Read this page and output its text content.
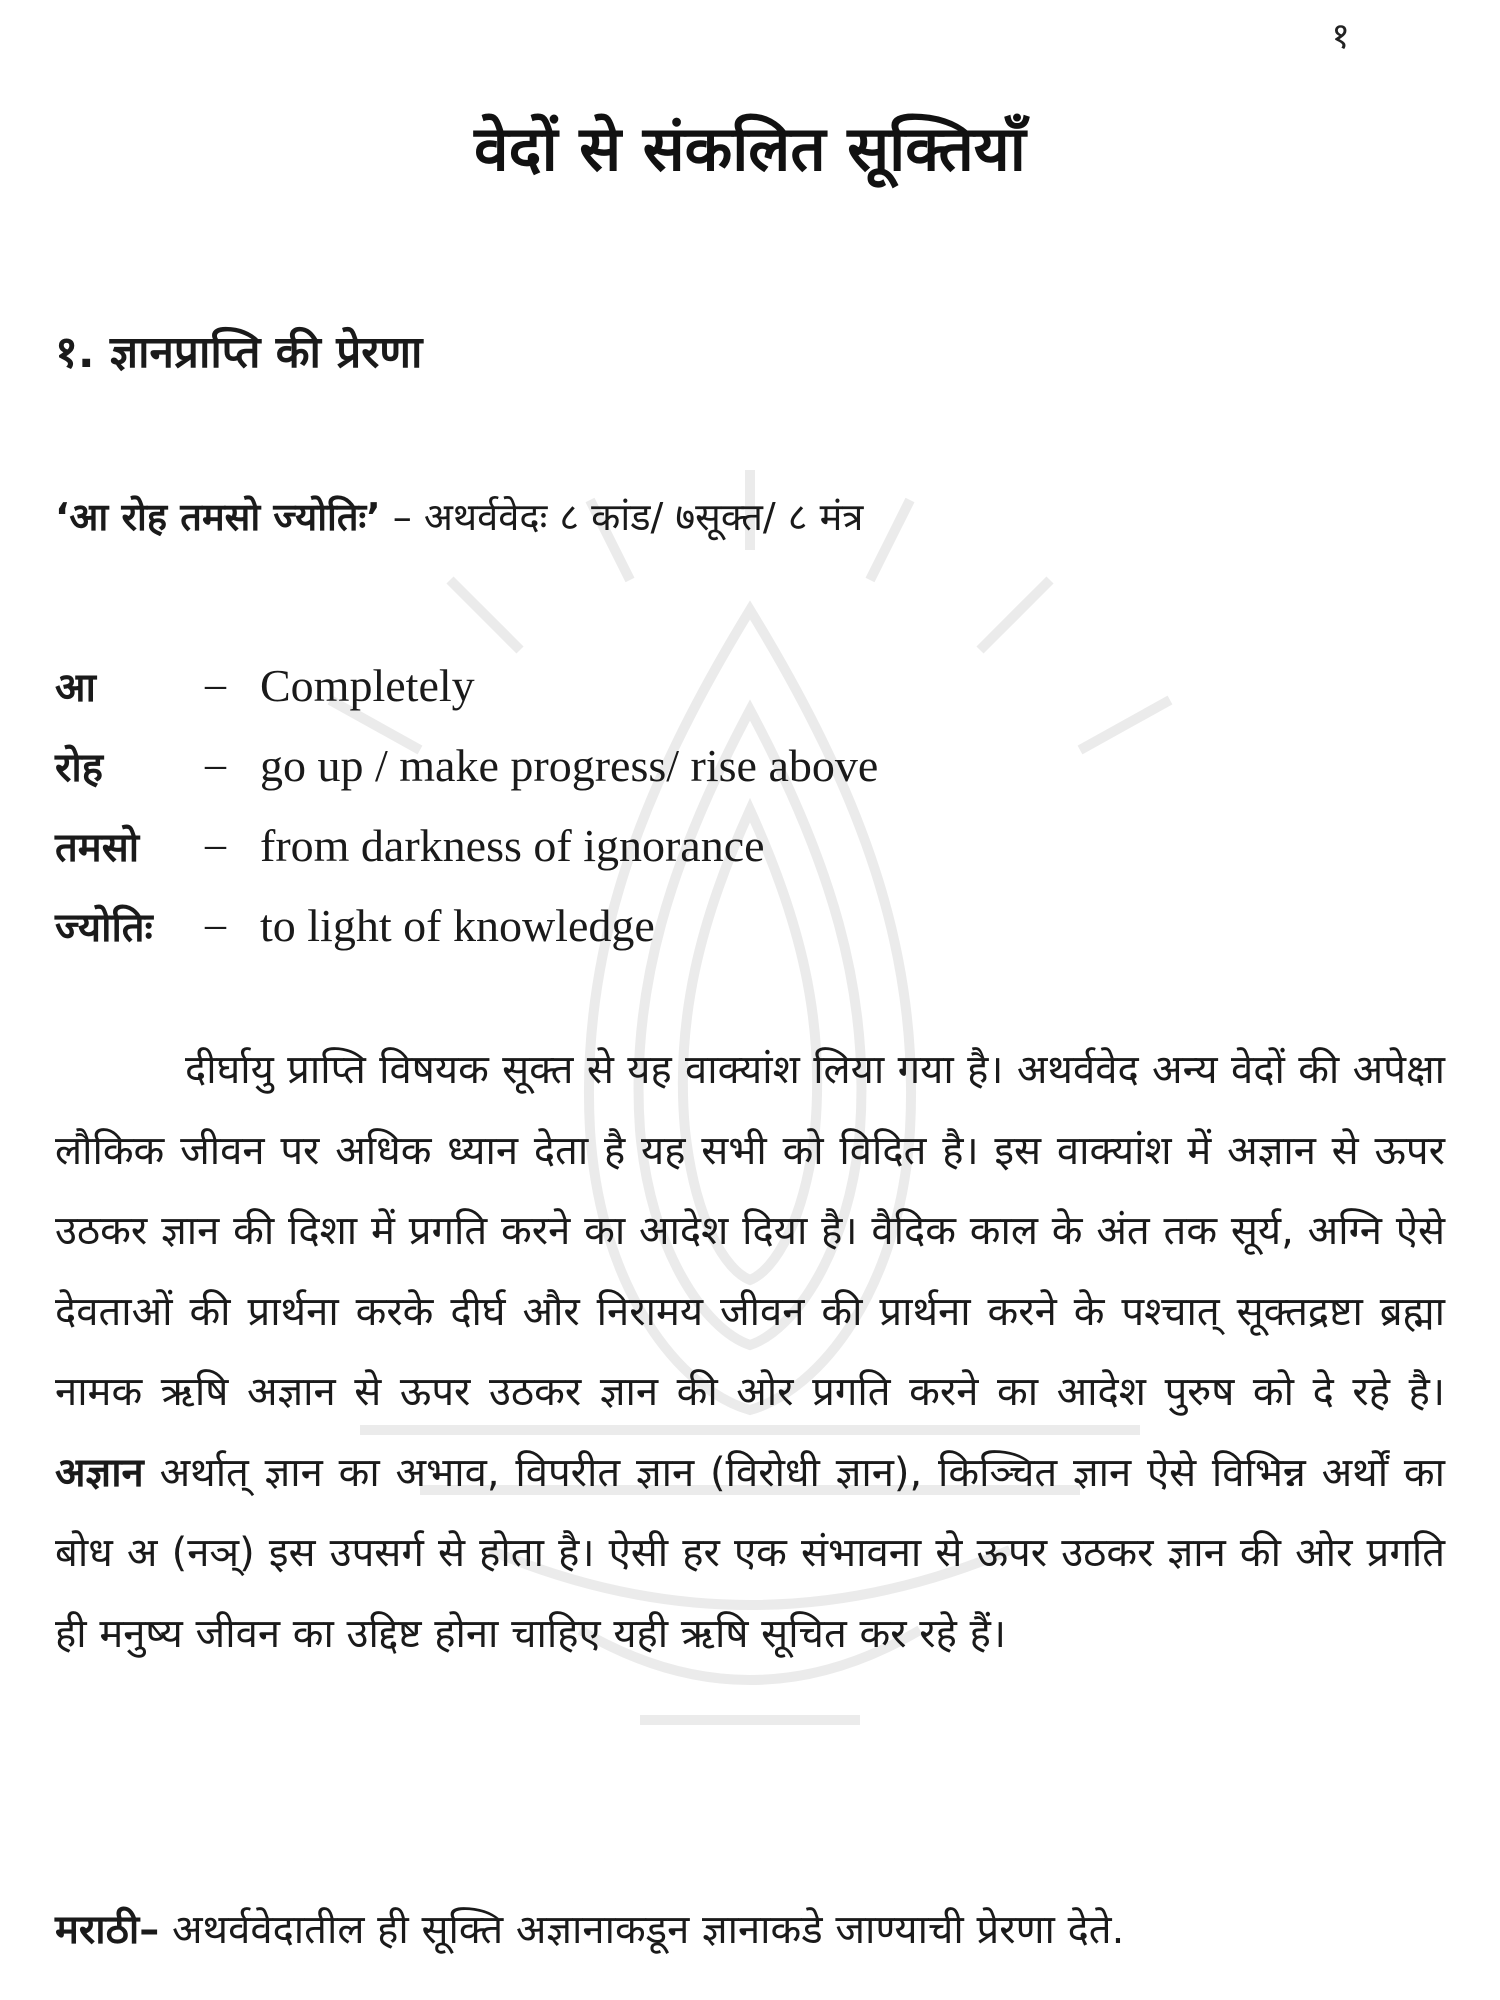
१
वेदों से संकलित सूक्तियाँ
१. ज्ञानप्राप्ति की प्रेरणा
‘आ रोह तमसो ज्योतिः’ – अथर्ववेदः ८ कांड/ ७सूक्त/ ८ मंत्र
आ	–	Completely
रोह	–	go up / make progress/ rise above
तमसो	–	from darkness of ignorance
ज्योतिः	–	to light of knowledge

दीर्घायु प्राप्ति विषयक सूक्त से यह वाक्यांश लिया गया है। अथर्ववेद अन्य वेदों की अपेक्षा लौकिक जीवन पर अधिक ध्यान देता है यह सभी को विदित है। इस वाक्यांश में अज्ञान से ऊपर उठकर ज्ञान की दिशा में प्रगति करने का आदेश दिया है। वैदिक काल के अंत तक सूर्य, अग्नि ऐसे देवताओं की प्रार्थना करके दीर्घ और निरामय जीवन की प्रार्थना करने के पश्चात् सूक्तद्रष्टा ब्रह्मा नामक ऋषि अज्ञान से ऊपर उठकर ज्ञान की ओर प्रगति करने का आदेश पुरुष को दे रहे है। अज्ञान अर्थात् ज्ञान का अभाव, विपरीत ज्ञान (विरोधी ज्ञान), किञ्चित ज्ञान ऐसे विभिन्न अर्थों का बोध अ (नञ्) इस उपसर्ग से होता है। ऐसी हर एक संभावना से ऊपर उठकर ज्ञान की ओर प्रगति ही मनुष्य जीवन का उद्दिष्ट होना चाहिए यही ऋषि सूचित कर रहे हैं।

मराठी– अथर्ववेदातील ही सूक्ति अज्ञानाकडून ज्ञानाकडे जाण्याची प्रेरणा देते.
